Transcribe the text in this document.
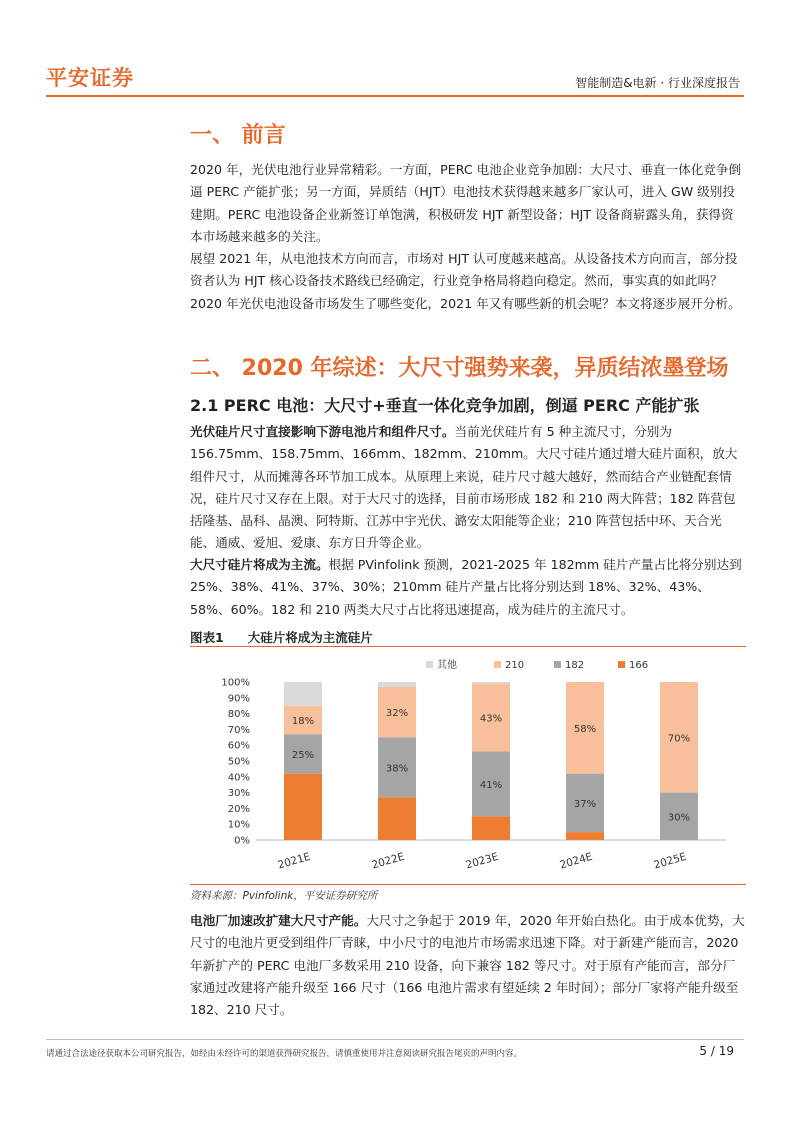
平安证券	智能制造&电新 · 行业深度报告
一、 前言
2020 年，光伏电池行业异常精彩。一方面，PERC 电池企业竞争加剧：大尺寸、垂直一体化竞争倒逼 PERC 产能扩张；另一方面，异质结（HJT）电池技术获得越来越多厂家认可，进入 GW 级别投建期。PERC 电池设备企业新签订单饱满，积极研发 HJT 新型设备；HJT 设备商崭露头角，获得资本市场越来越多的关注。
展望 2021 年，从电池技术方向而言，市场对 HJT 认可度越来越高。从设备技术方向而言，部分投资者认为 HJT 核心设备技术路线已经确定，行业竞争格局将趋向稳定。然而，事实真的如此吗？2020 年光伏电池设备市场发生了哪些变化，2021 年又有哪些新的机会呢？本文将逐步展开分析。
二、 2020 年综述：大尺寸强势来袭，异质结浓墨登场
2.1 PERC 电池：大尺寸+垂直一体化竞争加剧，倒逼 PERC 产能扩张
光伏硅片尺寸直接影响下游电池片和组件尺寸。当前光伏硅片有 5 种主流尺寸，分别为 156.75mm、158.75mm、166mm、182mm、210mm。大尺寸硅片通过增大硅片面积，放大组件尺寸，从而摊薄各环节加工成本。从原理上来说，硅片尺寸越大越好，然而结合产业链配套情况，硅片尺寸又存在上限。对于大尺寸的选择，目前市场形成 182 和 210 两大阵营；182 阵营包括隆基、晶科、晶澳、阿特斯、江苏中宇光伏、潞安太阳能等企业；210 阵营包括中环、天合光能、通威、爱旭、爱康、东方日升等企业。
大尺寸硅片将成为主流。根据 PVinfolink 预测，2021-2025 年 182mm 硅片产量占比将分别达到 25%、38%、41%、37%、30%；210mm 硅片产量占比将分别达到 18%、32%、43%、58%、60%。182 和 210 两类大尺寸占比将迅速提高，成为硅片的主流尺寸。
图表1 大硅片将成为主流硅片
0%
10%
20%
30%
40%
50%
60%
70%
80%
90%
100%
2021E	2022E	2023E	2024E	2025E
18%
25%
32%
38%
43%
41%
58%
37%
70%
30%
其他	210	182	166
资料来源：Pvinfolink，平安证券研究所
电池厂加速改扩建大尺寸产能。大尺寸之争起于 2019 年，2020 年开始白热化。由于成本优势，大尺寸的电池片更受到组件厂青睐，中小尺寸的电池片市场需求迅速下降。对于新建产能而言，2020 年新扩产的 PERC 电池厂多数采用 210 设备，向下兼容 182 等尺寸。对于原有产能而言，部分厂家通过改建将产能升级至 166 尺寸（166 电池片需求有望延续 2 年时间）；部分厂家将产能升级至 182、210 尺寸。
请通过合法途径获取本公司研究报告，如经由未经许可的渠道获得研究报告，请慎重使用并注意阅读研究报告尾页的声明内容。	5 / 19
